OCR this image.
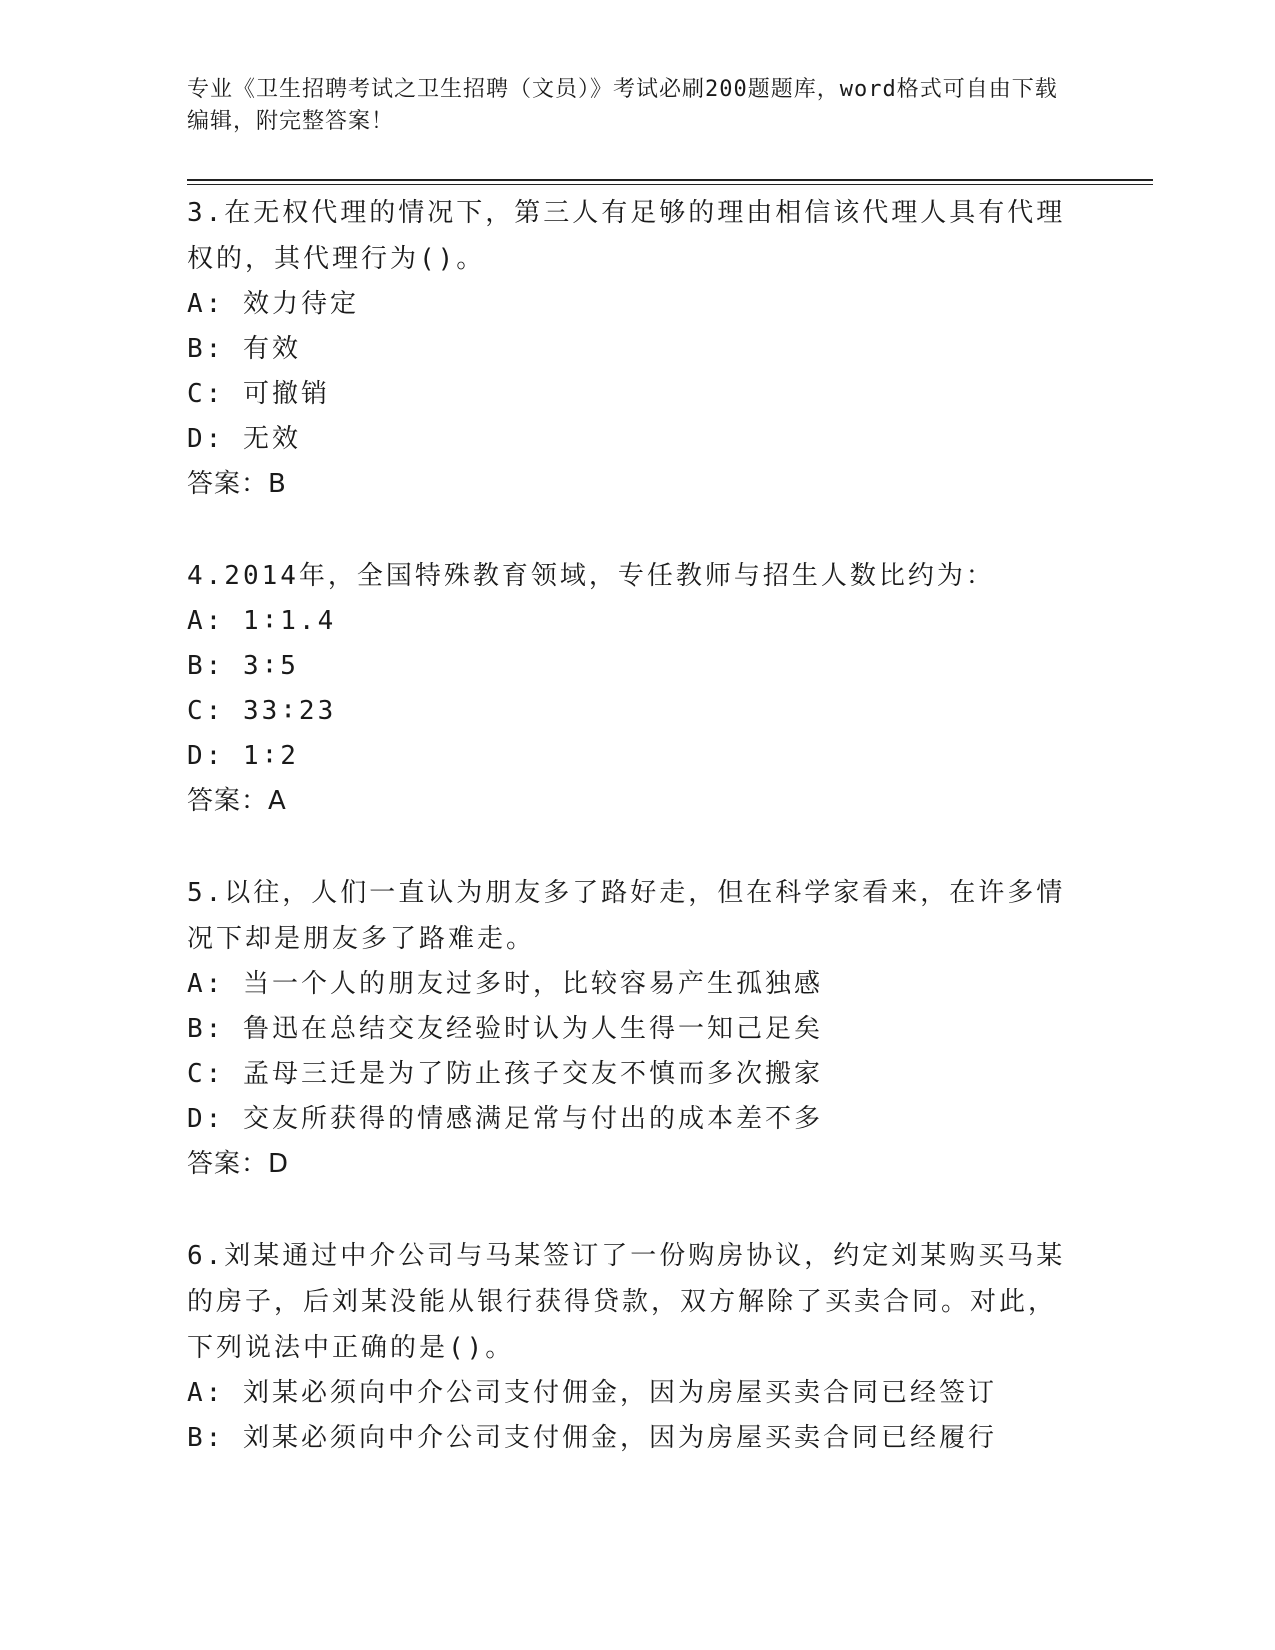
专业《卫生招聘考试之卫生招聘（文员）》考试必刷200题题库，word格式可自由下载编辑，附完整答案！
3.在无权代理的情况下，第三人有足够的理由相信该代理人具有代理权的，其代理行为()。
A: 效力待定
B: 有效
C: 可撤销
D: 无效
答案：B
4.2014年，全国特殊教育领域，专任教师与招生人数比约为：
A: 1∶1.4
B: 3∶5
C: 33∶23
D: 1∶2
答案：A
5.以往，人们一直认为朋友多了路好走，但在科学家看来，在许多情况下却是朋友多了路难走。
A: 当一个人的朋友过多时，比较容易产生孤独感
B: 鲁迅在总结交友经验时认为人生得一知己足矣
C: 孟母三迁是为了防止孩子交友不慎而多次搬家
D: 交友所获得的情感满足常与付出的成本差不多
答案：D
6.刘某通过中介公司与马某签订了一份购房协议，约定刘某购买马某的房子，后刘某没能从银行获得贷款，双方解除了买卖合同。对此，下列说法中正确的是()。
A: 刘某必须向中介公司支付佣金，因为房屋买卖合同已经签订
B: 刘某必须向中介公司支付佣金，因为房屋买卖合同已经履行
